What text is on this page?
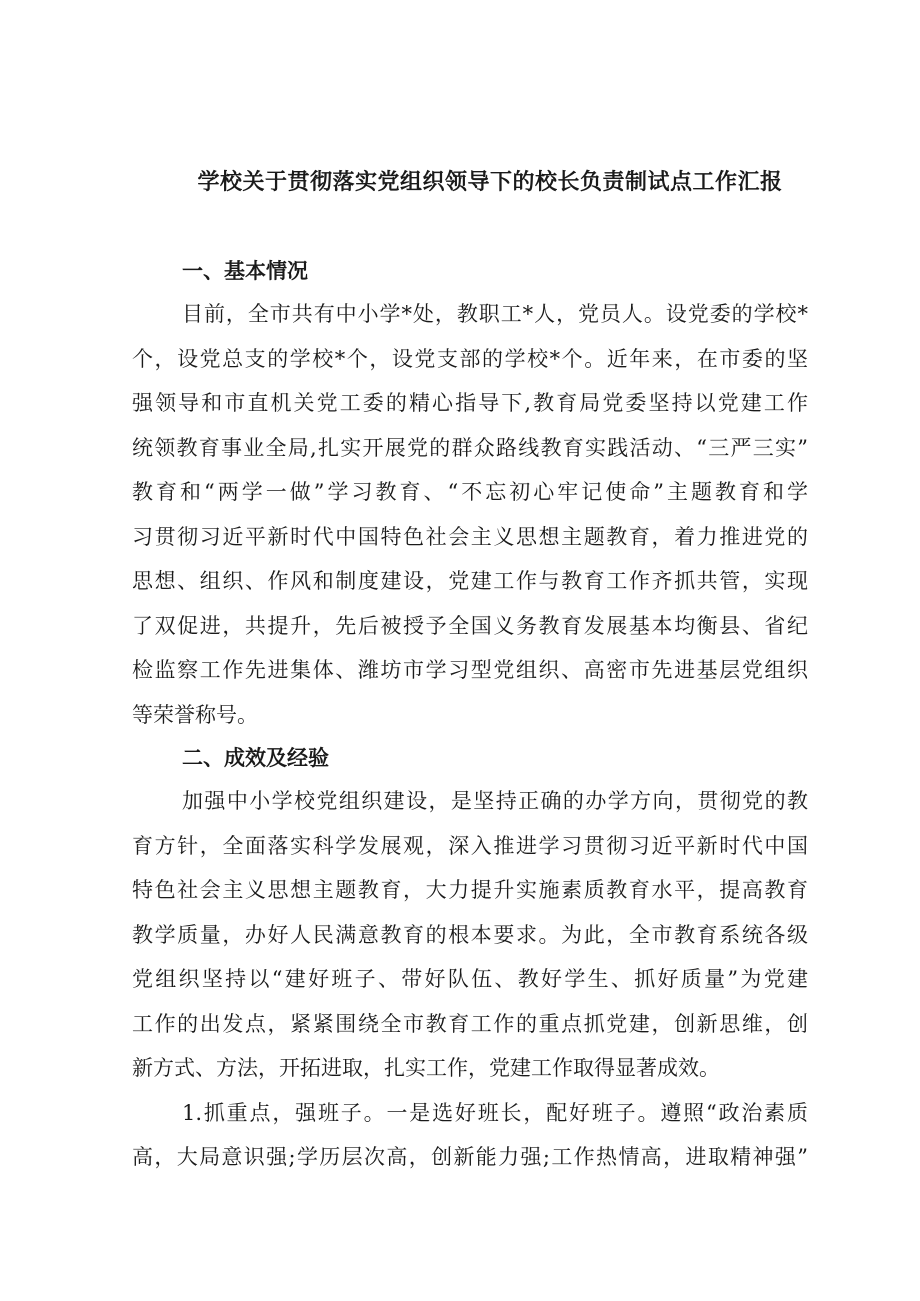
学校关于贯彻落实党组织领导下的校长负责制试点工作汇报
一、基本情况
目前，全市共有中小学*处，教职工*人，党员人。设党委的学校*
个，设党总支的学校*个，设党支部的学校*个。近年来，在市委的坚
强领导和市直机关党工委的精心指导下,教育局党委坚持以党建工作
统领教育事业全局,扎实开展党的群众路线教育实践活动、“三严三实”
教育和“两学一做”学习教育、“不忘初心牢记使命”主题教育和学
习贯彻习近平新时代中国特色社会主义思想主题教育，着力推进党的
思想、组织、作风和制度建设，党建工作与教育工作齐抓共管，实现
了双促进，共提升，先后被授予全国义务教育发展基本均衡县、省纪
检监察工作先进集体、潍坊市学习型党组织、高密市先进基层党组织
等荣誉称号。
二、成效及经验
加强中小学校党组织建设，是坚持正确的办学方向，贯彻党的教
育方针，全面落实科学发展观，深入推进学习贯彻习近平新时代中国
特色社会主义思想主题教育，大力提升实施素质教育水平，提高教育
教学质量，办好人民满意教育的根本要求。为此，全市教育系统各级
党组织坚持以“建好班子、带好队伍、教好学生、抓好质量”为党建
工作的出发点，紧紧围绕全市教育工作的重点抓党建，创新思维，创
新方式、方法，开拓进取，扎实工作，党建工作取得显著成效。
1.抓重点，强班子。一是选好班长，配好班子。遵照“政治素质
高，大局意识强;学历层次高，创新能力强;工作热情高，进取精神强”
